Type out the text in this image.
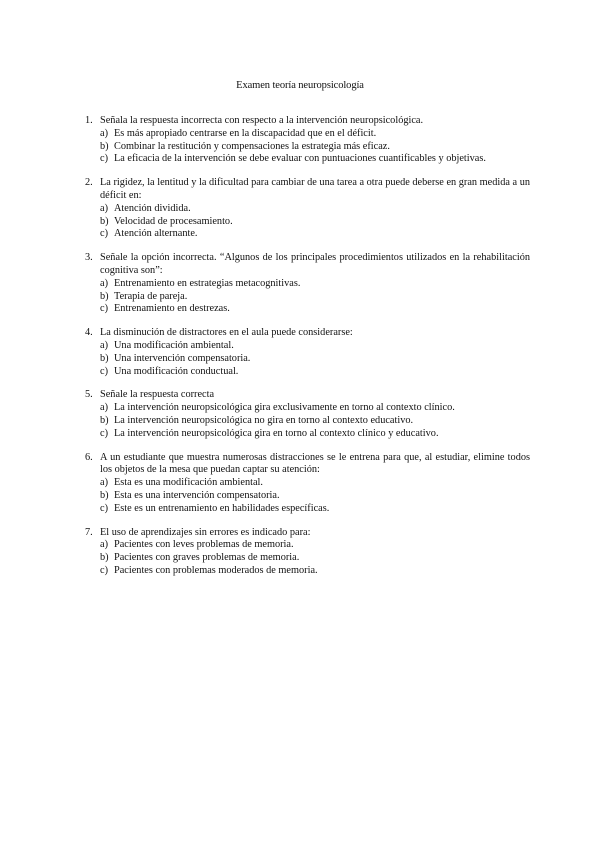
Examen teoría neuropsicología
1. Señala la respuesta incorrecta con respecto a la intervención neuropsicológica.
a) Es más apropiado centrarse en la discapacidad que en el déficit.
b) Combinar la restitución y compensaciones la estrategia más eficaz.
c) La eficacia de la intervención se debe evaluar con puntuaciones cuantificables y objetivas.
2. La rigidez, la lentitud y la dificultad para cambiar de una tarea a otra puede deberse en gran medida a un déficit en:
a) Atención dividida.
b) Velocidad de procesamiento.
c) Atención alternante.
3. Señale la opción incorrecta. “Algunos de los principales procedimientos utilizados en la rehabilitación cognitiva son”:
a) Entrenamiento en estrategias metacognitivas.
b) Terapia de pareja.
c) Entrenamiento en destrezas.
4. La disminución de distractores en el aula puede considerarse:
a) Una modificación ambiental.
b) Una intervención compensatoria.
c) Una modificación conductual.
5. Señale la respuesta correcta
a) La intervención neuropsicológica gira exclusivamente en torno al contexto clínico.
b) La intervención neuropsicológica no gira en torno al contexto educativo.
c) La intervención neuropsicológica gira en torno al contexto clínico y educativo.
6. A un estudiante que muestra numerosas distracciones se le entrena para que, al estudiar, elimine todos los objetos de la mesa que puedan captar su atención:
a) Esta es una modificación ambiental.
b) Esta es una intervención compensatoria.
c) Este es un entrenamiento en habilidades específicas.
7. El uso de aprendizajes sin errores es indicado para:
a) Pacientes con leves problemas de memoria.
b) Pacientes con graves problemas de memoria.
c) Pacientes con problemas moderados de memoria.
